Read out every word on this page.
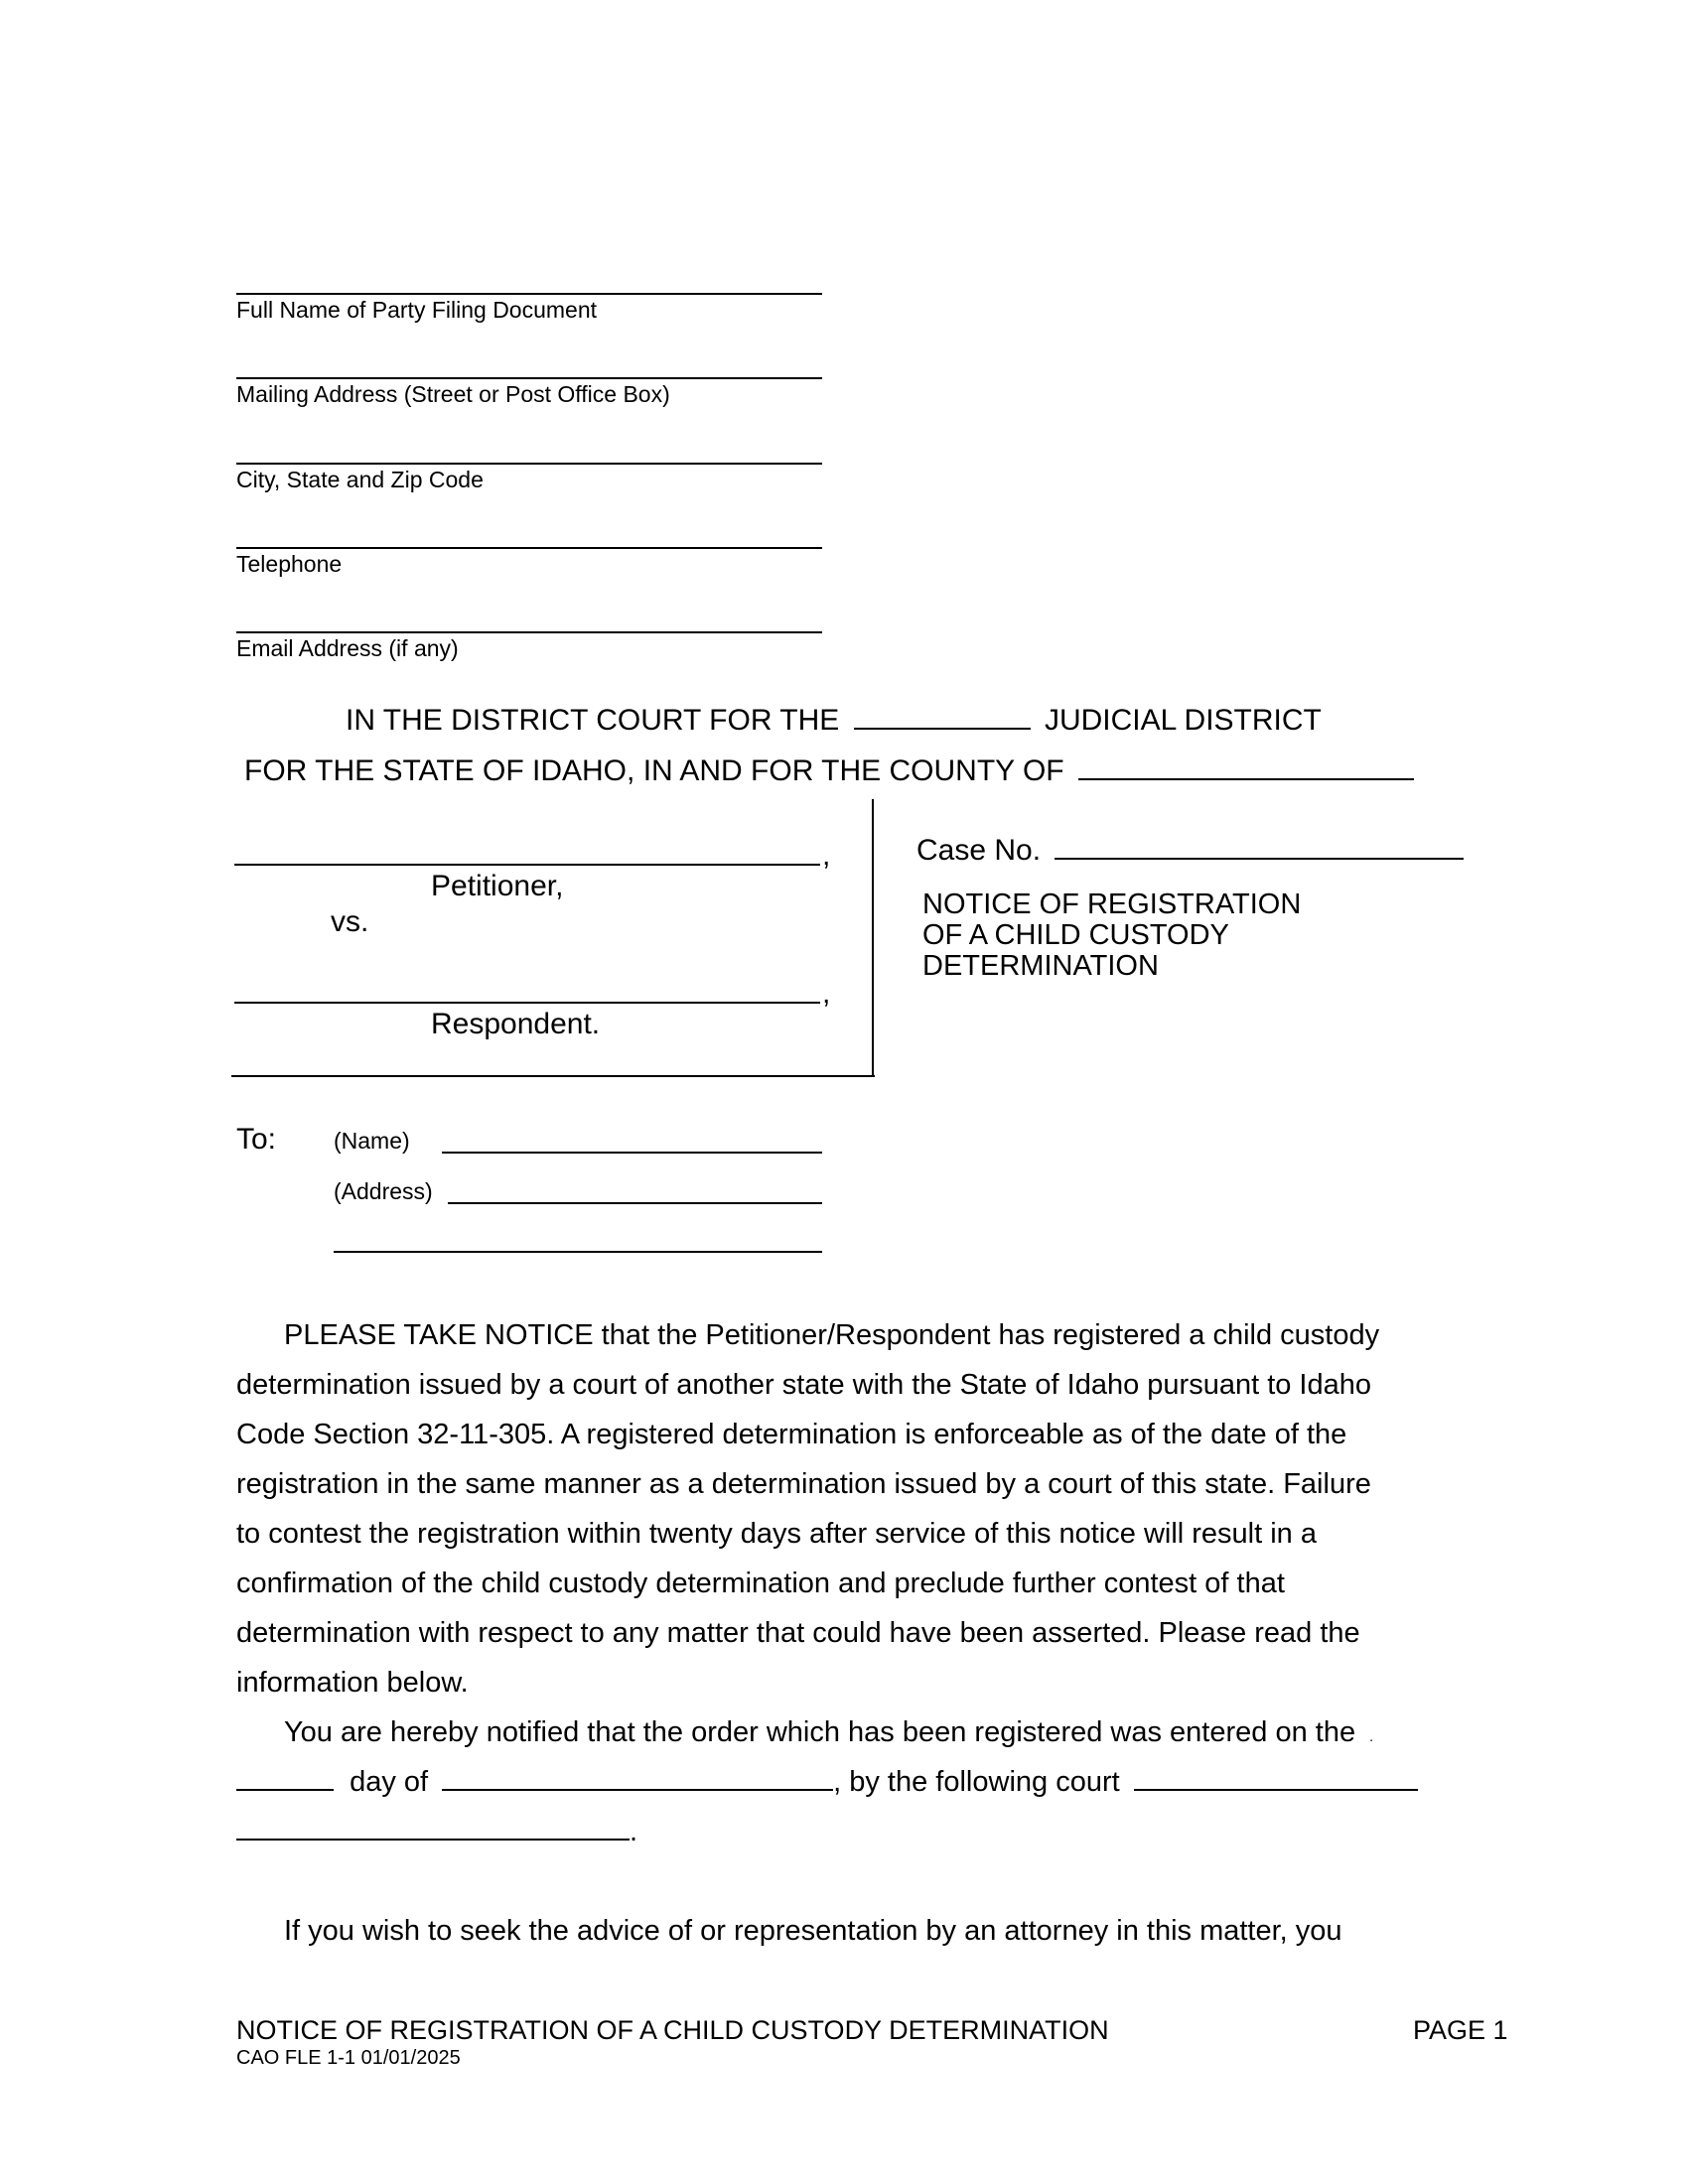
Full Name of Party Filing Document
Mailing Address (Street or Post Office Box)
City, State and Zip Code
Telephone
Email Address (if any)
IN THE DISTRICT COURT FOR THE	JUDICIAL DISTRICT
FOR THE STATE OF IDAHO, IN AND FOR THE COUNTY OF
,
Petitioner,
vs.
,
Respondent.
Case No.
NOTICE OF REGISTRATION
OF A CHILD CUSTODY
DETERMINATION
To:	(Name)
(Address)
PLEASE TAKE NOTICE that the Petitioner/Respondent has registered a child custody
determination issued by a court of another state with the State of Idaho pursuant to Idaho
Code Section 32-11-305. A registered determination is enforceable as of the date of the
registration in the same manner as a determination issued by a court of this state. Failure
to contest the registration within twenty days after service of this notice will result in a
confirmation of the child custody determination and preclude further contest of that
determination with respect to any matter that could have been asserted. Please read the
information below.
You are hereby notified that the order which has been registered was entered on the .
day of	, by the following court
.
If you wish to seek the advice of or representation by an attorney in this matter, you
NOTICE OF REGISTRATION OF A CHILD CUSTODY DETERMINATION
CAO FLE 1-1 01/01/2025
PAGE 1
